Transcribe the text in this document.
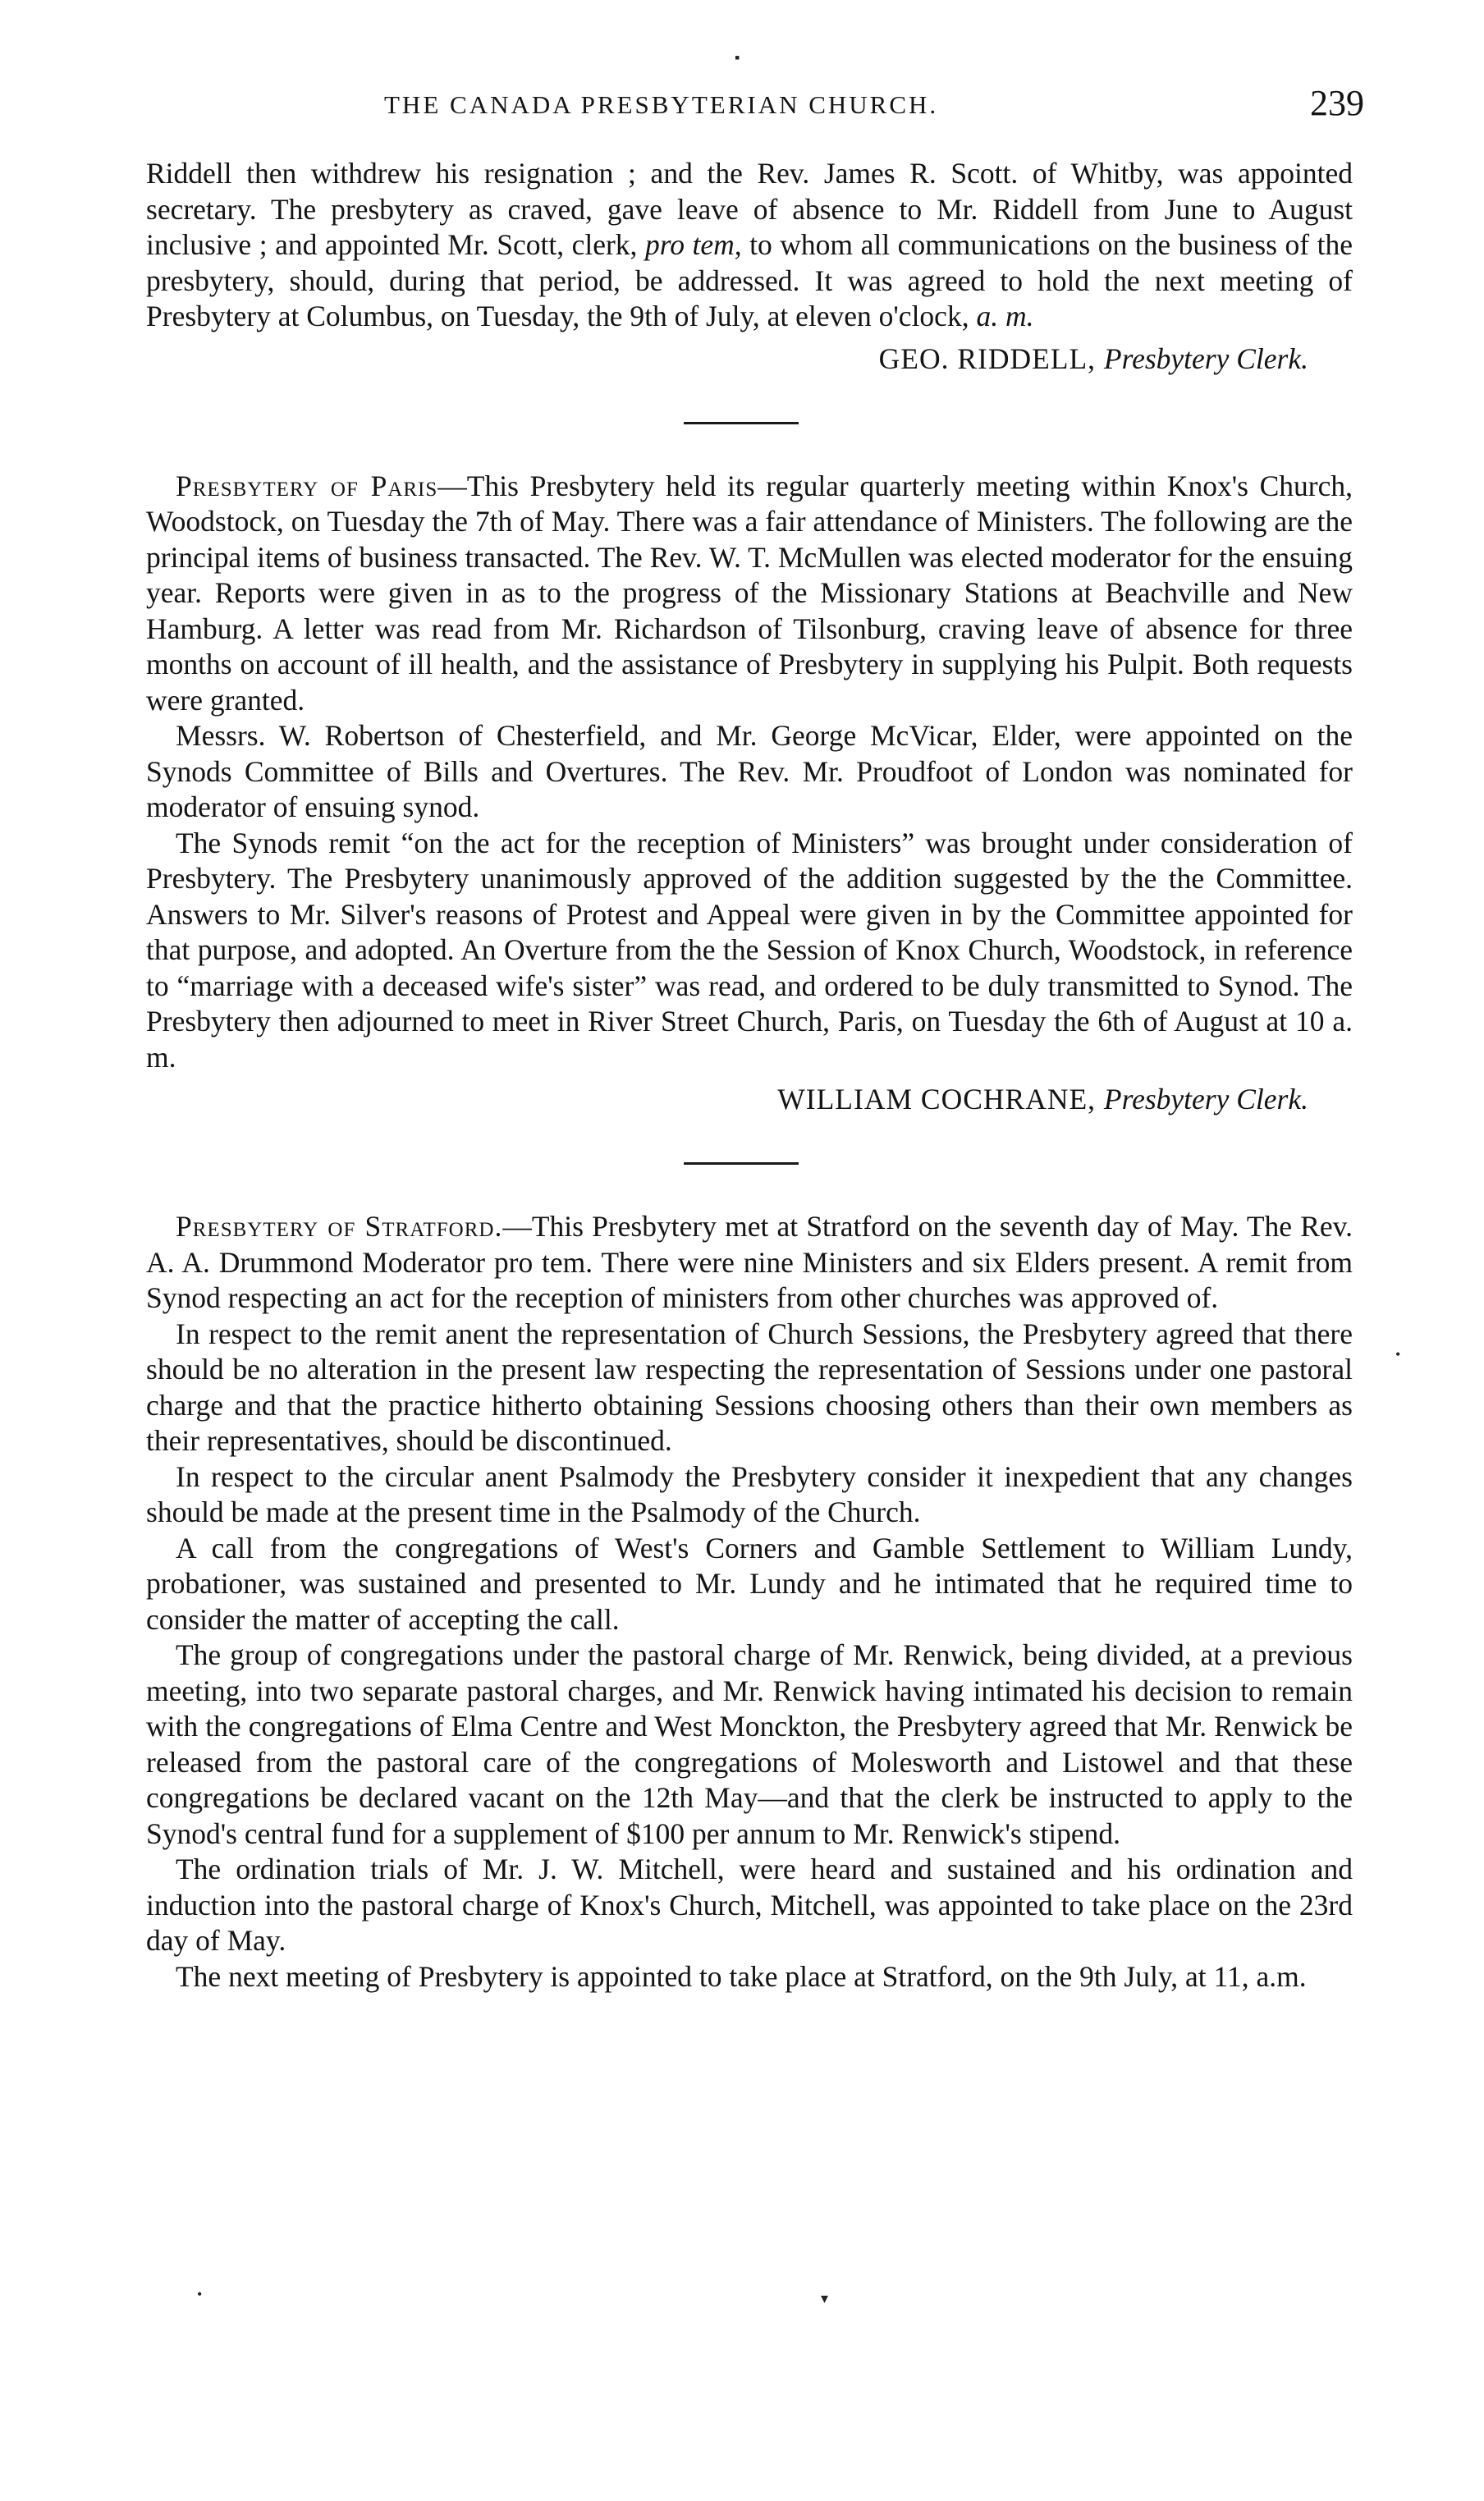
THE CANADA PRESBYTERIAN CHURCH.	239

Riddell then withdrew his resignation ; and the Rev. James R. Scott. of Whitby, was appointed secretary. The presbytery as craved, gave leave of absence to Mr. Riddell from June to August inclusive ; and appointed Mr. Scott, clerk, pro tem, to whom all communications on the business of the presbytery, should, during that period, be addressed. It was agreed to hold the next meeting of Presbytery at Columbus, on Tuesday, the 9th of July, at eleven o'clock, a. m.

GEO. RIDDELL, Presbytery Clerk.

Presbytery of Paris—This Presbytery held its regular quarterly meeting within Knox's Church, Woodstock, on Tuesday the 7th of May. There was a fair attendance of Ministers. The following are the principal items of business transacted. The Rev. W. T. McMullen was elected moderator for the ensuing year. Reports were given in as to the progress of the Missionary Stations at Beachville and New Hamburg. A letter was read from Mr. Richardson of Tilsonburg, craving leave of absence for three months on account of ill health, and the assistance of Presbytery in supplying his Pulpit. Both requests were granted.

Messrs. W. Robertson of Chesterfield, and Mr. George McVicar, Elder, were appointed on the Synods Committee of Bills and Overtures. The Rev. Mr. Proudfoot of London was nominated for moderator of ensuing synod.

The Synods remit “on the act for the reception of Ministers” was brought under consideration of Presbytery. The Presbytery unanimously approved of the addition suggested by the the Committee. Answers to Mr. Silver's reasons of Protest and Appeal were given in by the Committee appointed for that purpose, and adopted. An Overture from the the Session of Knox Church, Woodstock, in reference to “marriage with a deceased wife's sister” was read, and ordered to be duly transmitted to Synod. The Presbytery then adjourned to meet in River Street Church, Paris, on Tuesday the 6th of August at 10 a. m.

WILLIAM COCHRANE, Presbytery Clerk.

Presbytery of Stratford.—This Presbytery met at Stratford on the seventh day of May. The Rev. A. A. Drummond Moderator pro tem. There were nine Ministers and six Elders present. A remit from Synod respecting an act for the reception of ministers from other churches was approved of.

In respect to the remit anent the representation of Church Sessions, the Presbytery agreed that there should be no alteration in the present law respecting the representation of Sessions under one pastoral charge and that the practice hitherto obtaining Sessions choosing others than their own members as their representatives, should be discontinued.

In respect to the circular anent Psalmody the Presbytery consider it inexpedient that any changes should be made at the present time in the Psalmody of the Church.

A call from the congregations of West's Corners and Gamble Settlement to William Lundy, probationer, was sustained and presented to Mr. Lundy and he intimated that he required time to consider the matter of accepting the call.

The group of congregations under the pastoral charge of Mr. Renwick, being divided, at a previous meeting, into two separate pastoral charges, and Mr. Renwick having intimated his decision to remain with the congregations of Elma Centre and West Monckton, the Presbytery agreed that Mr. Renwick be released from the pastoral care of the congregations of Molesworth and Listowel and that these congregations be declared vacant on the 12th May—and that the clerk be instructed to apply to the Synod's central fund for a supplement of $100 per annum to Mr. Renwick's stipend.

The ordination trials of Mr. J. W. Mitchell, were heard and sustained and his ordination and induction into the pastoral charge of Knox's Church, Mitchell, was appointed to take place on the 23rd day of May.

The next meeting of Presbytery is appointed to take place at Stratford, on the 9th July, at 11, a.m.

▪
•
•	▾
